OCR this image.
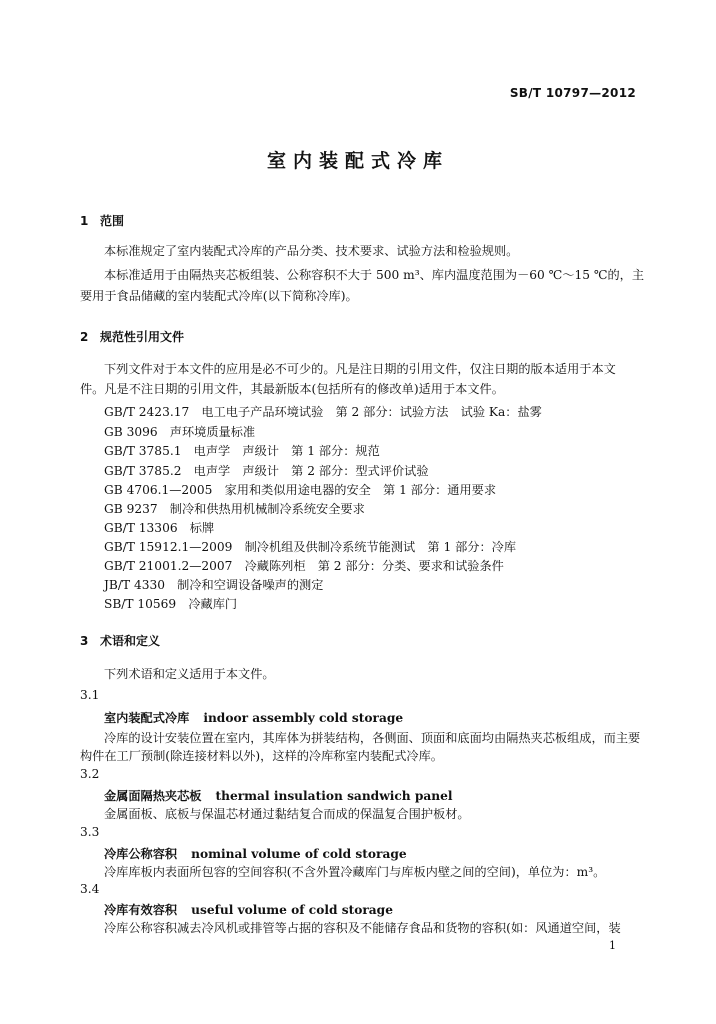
SB/T 10797—2012
室内装配式冷库
1 范围
本标准规定了室内装配式冷库的产品分类、技术要求、试验方法和检验规则。
本标准适用于由隔热夹芯板组装、公称容积不大于 500 m³、库内温度范围为－60 ℃～15 ℃的，主
要用于食品储藏的室内装配式冷库(以下简称冷库)。
2 规范性引用文件
下列文件对于本文件的应用是必不可少的。凡是注日期的引用文件，仅注日期的版本适用于本文
件。凡是不注日期的引用文件，其最新版本(包括所有的修改单)适用于本文件。
GB/T 2423.17　电工电子产品环境试验　第 2 部分：试验方法　试验 Ka：盐雾
GB 3096　声环境质量标准
GB/T 3785.1　电声学　声级计　第 1 部分：规范
GB/T 3785.2　电声学　声级计　第 2 部分：型式评价试验
GB 4706.1—2005　家用和类似用途电器的安全　第 1 部分：通用要求
GB 9237　制冷和供热用机械制冷系统安全要求
GB/T 13306　标牌
GB/T 15912.1—2009　制冷机组及供制冷系统节能测试　第 1 部分：冷库
GB/T 21001.2—2007　冷藏陈列柜　第 2 部分：分类、要求和试验条件
JB/T 4330　制冷和空调设备噪声的测定
SB/T 10569　冷藏库门
3 术语和定义
下列术语和定义适用于本文件。
3.1
室内装配式冷库 indoor assembly cold storage
冷库的设计安装位置在室内，其库体为拼装结构，各侧面、顶面和底面均由隔热夹芯板组成，而主要
构件在工厂预制(除连接材料以外)，这样的冷库称室内装配式冷库。
3.2
金属面隔热夹芯板 thermal insulation sandwich panel
金属面板、底板与保温芯材通过黏结复合而成的保温复合围护板材。
3.3
冷库公称容积 nominal volume of cold storage
冷库库板内表面所包容的空间容积(不含外置冷藏库门与库板内壁之间的空间)，单位为：m³。
3.4
冷库有效容积 useful volume of cold storage
冷库公称容积减去冷风机或排管等占据的容积及不能储存食品和货物的容积(如：风通道空间，装
1
